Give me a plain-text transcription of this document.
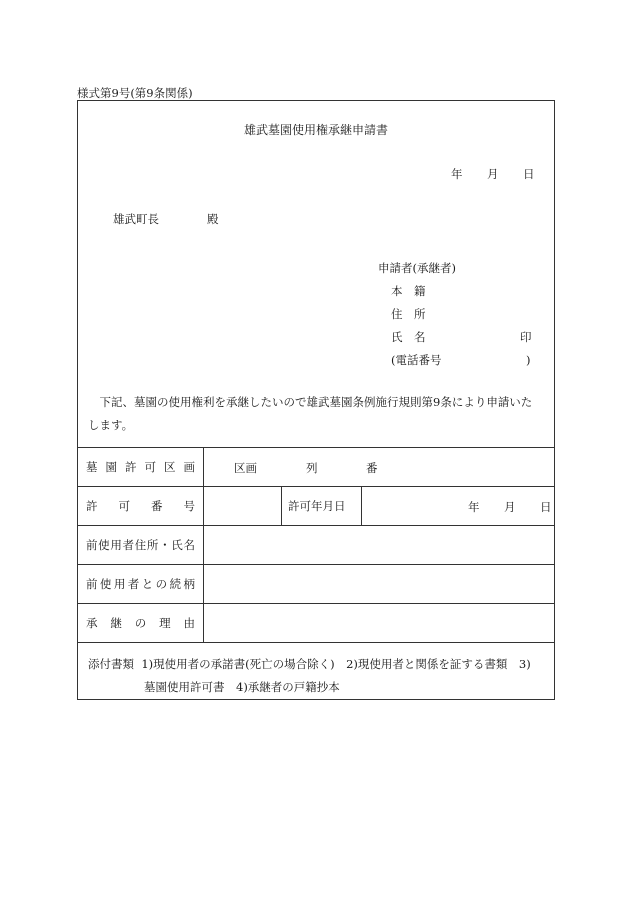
様式第9号(第9条関係)
雄武墓園使用権承継申請書
年 月 日
雄武町長	殿
申請者(承継者)
本　籍
住　所
氏　名	印
(電話番号	)
下記、墓園の使用権利を承継したいので雄武墓園条例施行規則第9条により申請いたします。
墓園許可区画	区画 列 番		

許可番号		許可年月日	年 月 日

前使用者住所・氏名			
前使用者との続柄			
承継の理由			
添付書類 1)現使用者の承諾書(死亡の場合除く)　2)現使用者と関係を証する書類　3)
墓園使用許可書　4)承継者の戸籍抄本
